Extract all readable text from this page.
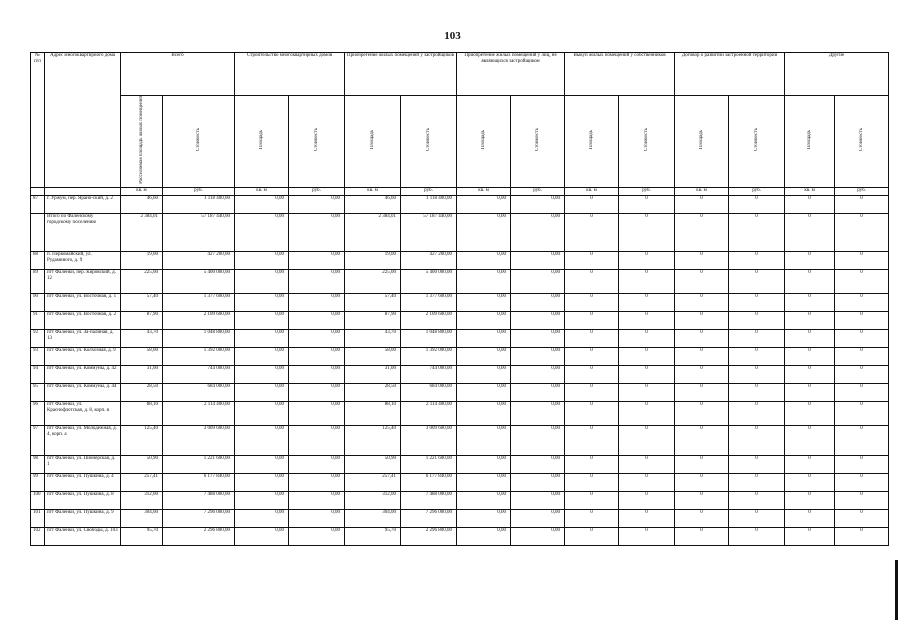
103
№ п/п	Адрес многоквартирного дома	Всего		Строительство многоквартирных домов		Приобретение жилых помещений у застройщиков		Приобретение жилых помещений у лиц, не являющихся застройщиком		Выкуп жилых помещений у собственников		Договор о развитии застроенной территории		Другие	
		Расселяемая площадь жилых помещений	Стоимость	Площадь	Стоимость	Площадь	Стоимость	Площадь	Стоимость	Площадь	Стоимость	Площадь	Стоимость	Площадь	Стоимость
		кв. м	руб.	кв. м	руб.	кв. м	руб.	кв. м	руб.	кв. м	руб.	кв. м	руб.	кв. м	руб.
87	г. Уржум, пер. Ярано-ский, д. 2	46,60	1 118 400,00	0,00	0,00	46,60	1 118 400,00	0,00	0,00	0	0	0	0	0	0
	Итого по Фаленскому городскому поселению	2 384,01	57 187 440,00	0,00	0,00	2 384,01	57 187 440,00	0,00	0,00	0	0	0	0	0	0
88	п. Первомайский, ул. Рудаминого, д. 9	19,00	427 200,00	0,00	0,00	19,00	427 200,00	0,00	0,00	0	0	0	0	0	0
89	пгт Фаленки, пер. Кировский, д. 12	225,00	5 400 000,00	0,00	0,00	225,00	5 400 000,00	0,00	0,00	0	0	0	0	0	0
90	пгт Фаленки, ул. Восточная, д. 1	57,40	1 377 600,00	0,00	0,00	57,40	1 377 600,00	0,00	0,00	0	0	0	0	0	0
91	пгт Фаленки, ул. Восточная, д. 2	87,90	2 109 600,00	0,00	0,00	87,90	2 109 600,00	0,00	0,00	0	0	0	0	0	0
92	пгт Фаленки, ул. За-палиная, д. 13	43,70	1 048 800,00	0,00	0,00	43,70	1 048 800,00	0,00	0,00	0	0	0	0	0	0
93	пгт Фаленки, ул. Колхозная, д. 9	58,00	1 392 000,00	0,00	0,00	58,00	1 392 000,00	0,00	0,00	0	0	0	0	0	0
94	пгт Фаленки, ул. Коммуны, д. 42	31,00	744 000,00	0,00	0,00	31,00	744 000,00	0,00	0,00	0	0	0	0	0	0
95	пгт Фаленки, ул. Коммуны, д. 44	28,50	684 000,00	0,00	0,00	28,50	684 000,00	0,00	0,00	0	0	0	0	0	0
96	пгт Фаленки, ул. Краснофлотская, д. 8, корп. в	88,10	2 114 400,00	0,00	0,00	88,10	2 114 400,00	0,00	0,00	0	0	0	0	0	0
97	пгт Фаленки, ул. Молодежная, д. 4, корп. а	125,40	3 009 600,00	0,00	0,00	125,40	3 009 600,00	0,00	0,00	0	0	0	0	0	0
98	пгт Фаленки, ул. Пионерская, д. 1	50,90	1 221 600,00	0,00	0,00	50,90	1 221 600,00	0,00	0,00	0	0	0	0	0	0
99	пгт Фаленки, ул. Пушкина, д. 4	257,41	6 177 840,00	0,00	0,00	257,41	6 177 840,00	0,00	0,00	0	0	0	0	0	0
100	пгт Фаленки, ул. Пушкина, д. 8	312,00	7 488 000,00	0,00	0,00	312,00	7 488 000,00	0,00	0,00	0	0	0	0	0	0
101	пгт Фаленки, ул. Пушкина, д. 9	304,00	7 296 000,00	0,00	0,00	304,00	7 296 000,00	0,00	0,00	0	0	0	0	0	0
102	пгт Фаленки, ул. Свободы, д. 103	95,70	2 296 800,00	0,00	0,00	95,70	2 296 800,00	0,00	0,00	0	0	0	0	0	0
